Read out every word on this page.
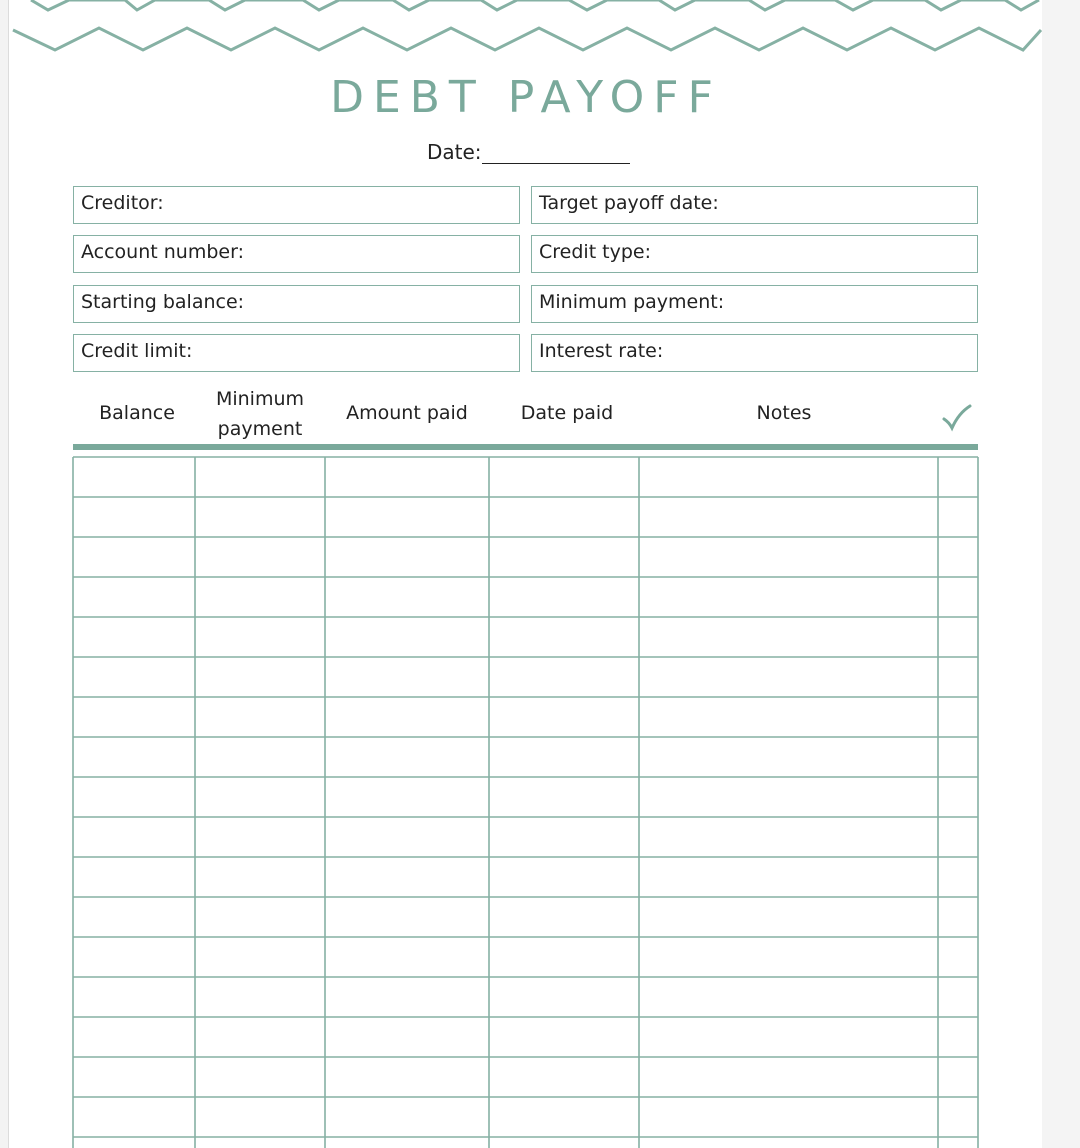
DEBT PAYOFF
Date:
Creditor:
Account number:
Starting balance:
Credit limit:
Target payoff date:
Credit type:
Minimum payment:
Interest rate:
Balance
Minimum
payment
Amount paid	Date paid	Notes
